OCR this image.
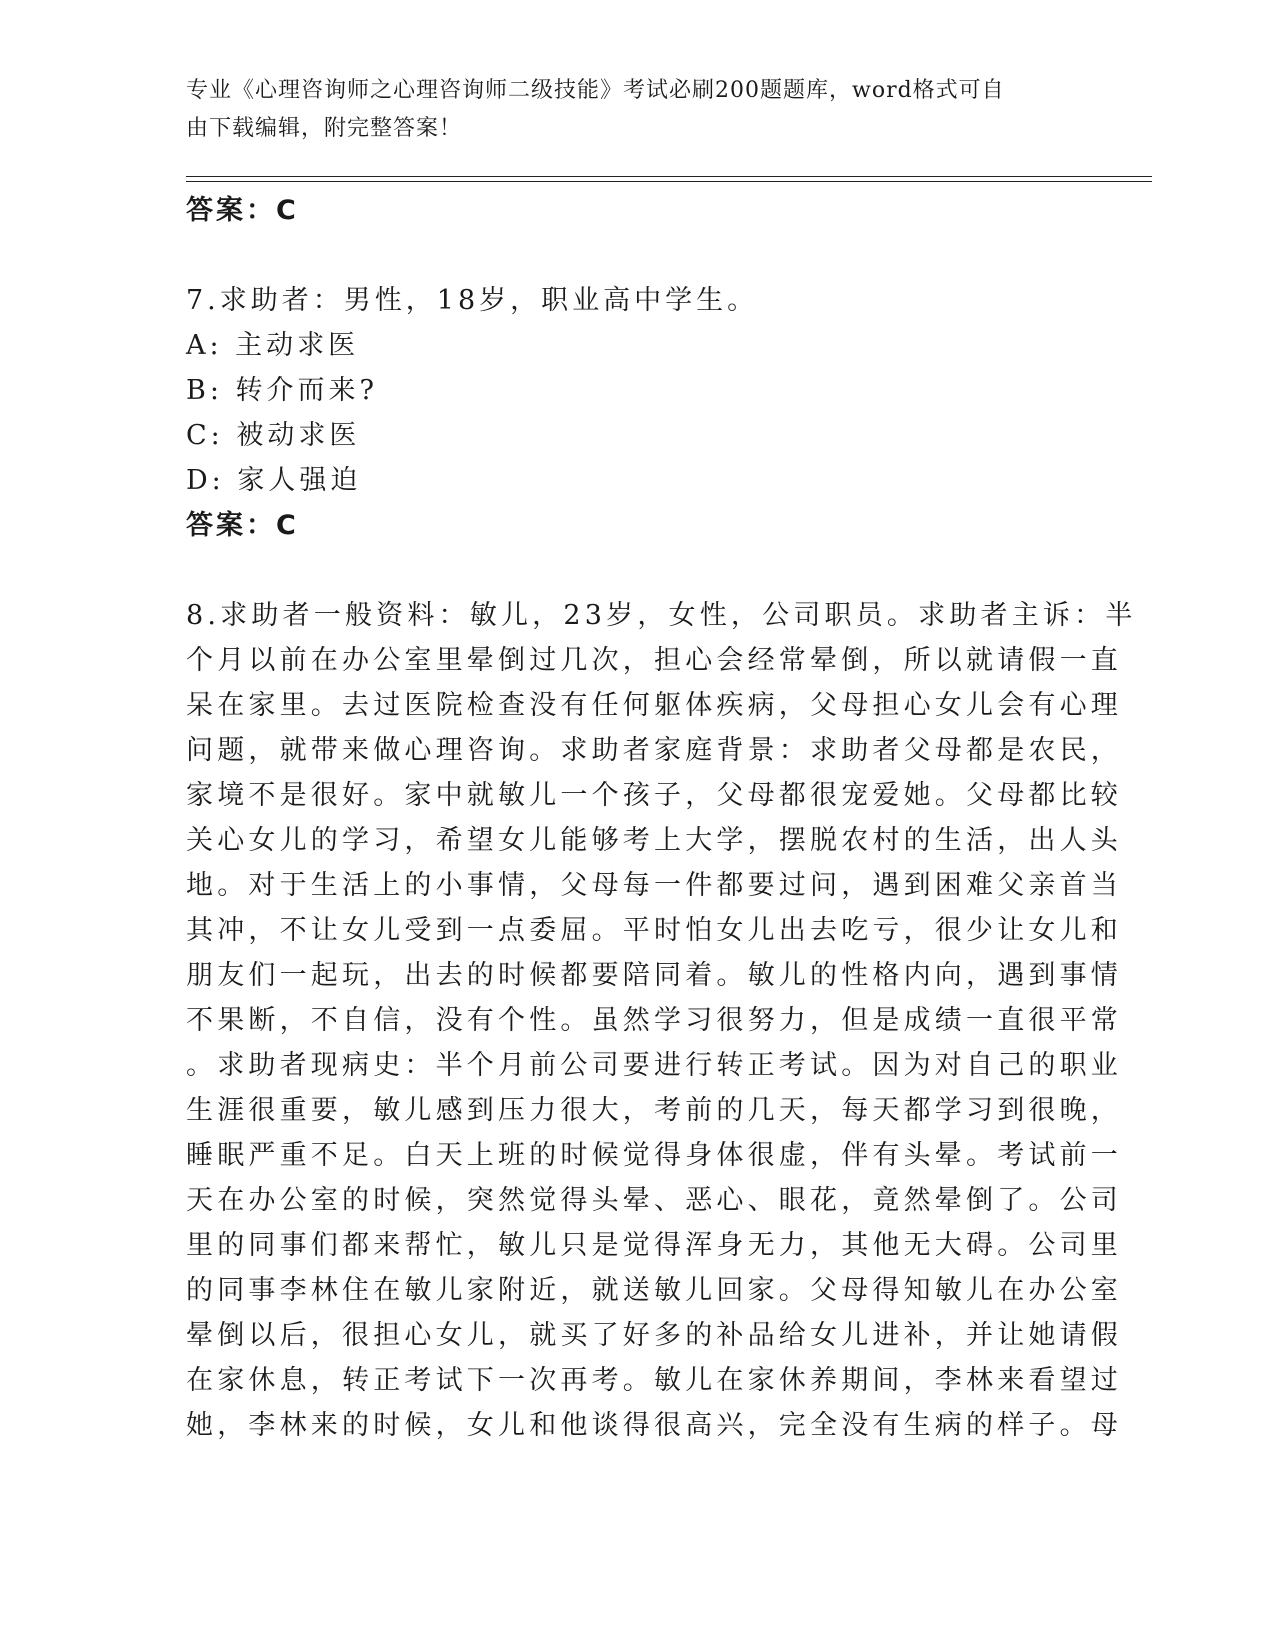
专业《心理咨询师之心理咨询师二级技能》考试必刷200题题库，word格式可自
由下载编辑，附完整答案！
答案：C
7.求助者：男性，18岁，职业高中学生。
A: 主动求医
B: 转介而来?
C: 被动求医
D: 家人强迫
答案：C
8.求助者一般资料：敏儿，23岁，女性，公司职员。求助者主诉：半
个月以前在办公室里晕倒过几次，担心会经常晕倒，所以就请假一直
呆在家里。去过医院检查没有任何躯体疾病，父母担心女儿会有心理
问题，就带来做心理咨询。求助者家庭背景：求助者父母都是农民，
家境不是很好。家中就敏儿一个孩子，父母都很宠爱她。父母都比较
关心女儿的学习，希望女儿能够考上大学，摆脱农村的生活，出人头
地。对于生活上的小事情，父母每一件都要过问，遇到困难父亲首当
其冲，不让女儿受到一点委屈。平时怕女儿出去吃亏，很少让女儿和
朋友们一起玩，出去的时候都要陪同着。敏儿的性格内向，遇到事情
不果断，不自信，没有个性。虽然学习很努力，但是成绩一直很平常
。求助者现病史：半个月前公司要进行转正考试。因为对自己的职业
生涯很重要，敏儿感到压力很大，考前的几天，每天都学习到很晚，
睡眠严重不足。白天上班的时候觉得身体很虚，伴有头晕。考试前一
天在办公室的时候，突然觉得头晕、恶心、眼花，竟然晕倒了。公司
里的同事们都来帮忙，敏儿只是觉得浑身无力，其他无大碍。公司里
的同事李林住在敏儿家附近，就送敏儿回家。父母得知敏儿在办公室
晕倒以后，很担心女儿，就买了好多的补品给女儿进补，并让她请假
在家休息，转正考试下一次再考。敏儿在家休养期间，李林来看望过
她，李林来的时候，女儿和他谈得很高兴，完全没有生病的样子。母
